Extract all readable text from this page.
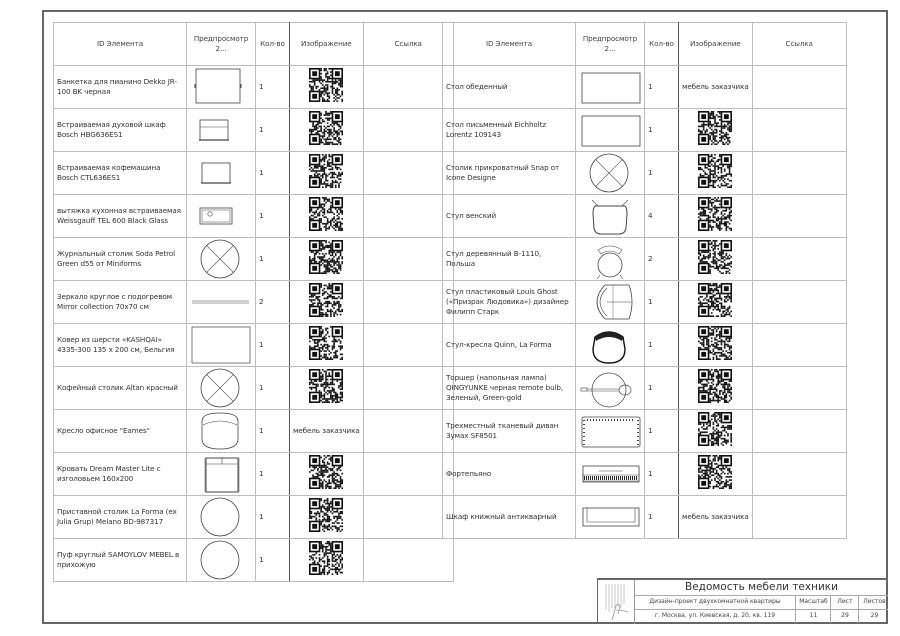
ID Элемента	Предпросмотр 2...	Кол-во	Изображение	Ссылка
Банкетка для пианино Dekko JR-100 BK черная		1		
Встраиваемая духовой шкаф Bosch HBG636ES1		1		
Встраиваемая кофемашина Bosch CTL636ES1		1		
вытяжка кухонная встраиваемая Weissgauff TEL 600 Black Glass		1		
Журнальный столик Soda Petrol Green d55 от Miniforms		1		
Зеркало круглое с подогревом Mirror collection 70х70 см		2		
Ковер из шерсти «KASHQAI» 4335-300 135 х 200 см, Бельгия		1		
Кофейный столик Altan красный		1		
Кресло офисное "Eames"		1	мебель заказчика	
Кровать Dream Master Lite с изголовьем 160х200		1		
Приставной столик La Forma (ex Julia Grup) Melano BD-987317		1		
Пуф круглый SAMOYLOV MEBEL в прихожую		1		
ID Элемента	Предпросмотр 2...	Кол-во	Изображение	Ссылка
Стол обеденный		1	мебель заказчика	
Стол письменный Eichholtz Lorentz 109143		1		
Столик прикроватный Snap от Icone Designe		1		
Стул венский		4		
Стул деревянный В-1110, Польша		2		
Стул пластиковый Louis Ghost («Призрак Людовика») дизайнер Филипп Старк		1		
Стул-кресла Quinn, La Forma		1		
Торшер (напольная лампа) QINGYUNKE черная remote bulb, Зеленый, Green-gold		1		
Трехместный тканевый диван Зумах SF8501		1		
Фортепьяно		1		
Шкаф книжный антикварный		1	мебель заказчика	
Ведомость мебели техники
Дизайн-проект двухкомнатной квартиры	Масштаб	Лист	Листов
г. Москва, ул. Киевская, д. 20, кв. 119	11	29	29
